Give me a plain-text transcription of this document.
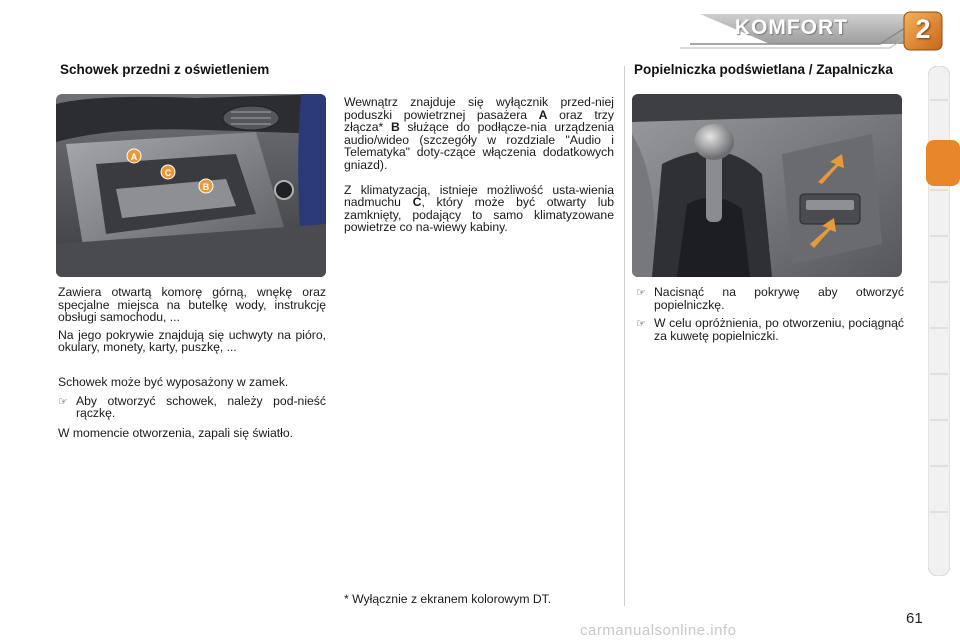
KOMFORT	2
Schowek przedni z oświetleniem	Popielniczka podświetlana / Zapalniczka
A
C
B

Zawiera otwartą komorę górną, wnękę oraz specjalne miejsca na butelkę wody, instrukcję obsługi samochodu, ...

Na jego pokrywie znajdują się uchwyty na pióro, okulary, monety, karty, puszkę, ...

Schowek może być wyposażony w zamek.

☞ Aby otworzyć schowek, należy pod-nieść rączkę.

W momencie otworzenia, zapali się światło.

Wewnątrz znajduje się wyłącznik przed-niej poduszki powietrznej pasażera A oraz trzy złącza* B służące do podłącze-nia urządzenia audio/wideo (szczegóły w rozdziale "Audio i Telematyka" doty-czące włączenia dodatkowych gniazd).

Z klimatyzacją, istnieje możliwość usta-wienia nadmuchu C, który może być otwarty lub zamknięty, podający to samo klimatyzowane powietrze co na-wiewy kabiny.

☞ Nacisnąć na pokrywę aby otworzyć popielniczkę.
☞ W celu opróżnienia, po otworzeniu, pociągnąć za kuwetę popielniczki.
* Wyłącznie z ekranem kolorowym DT.
61
carmanualsonline.info
